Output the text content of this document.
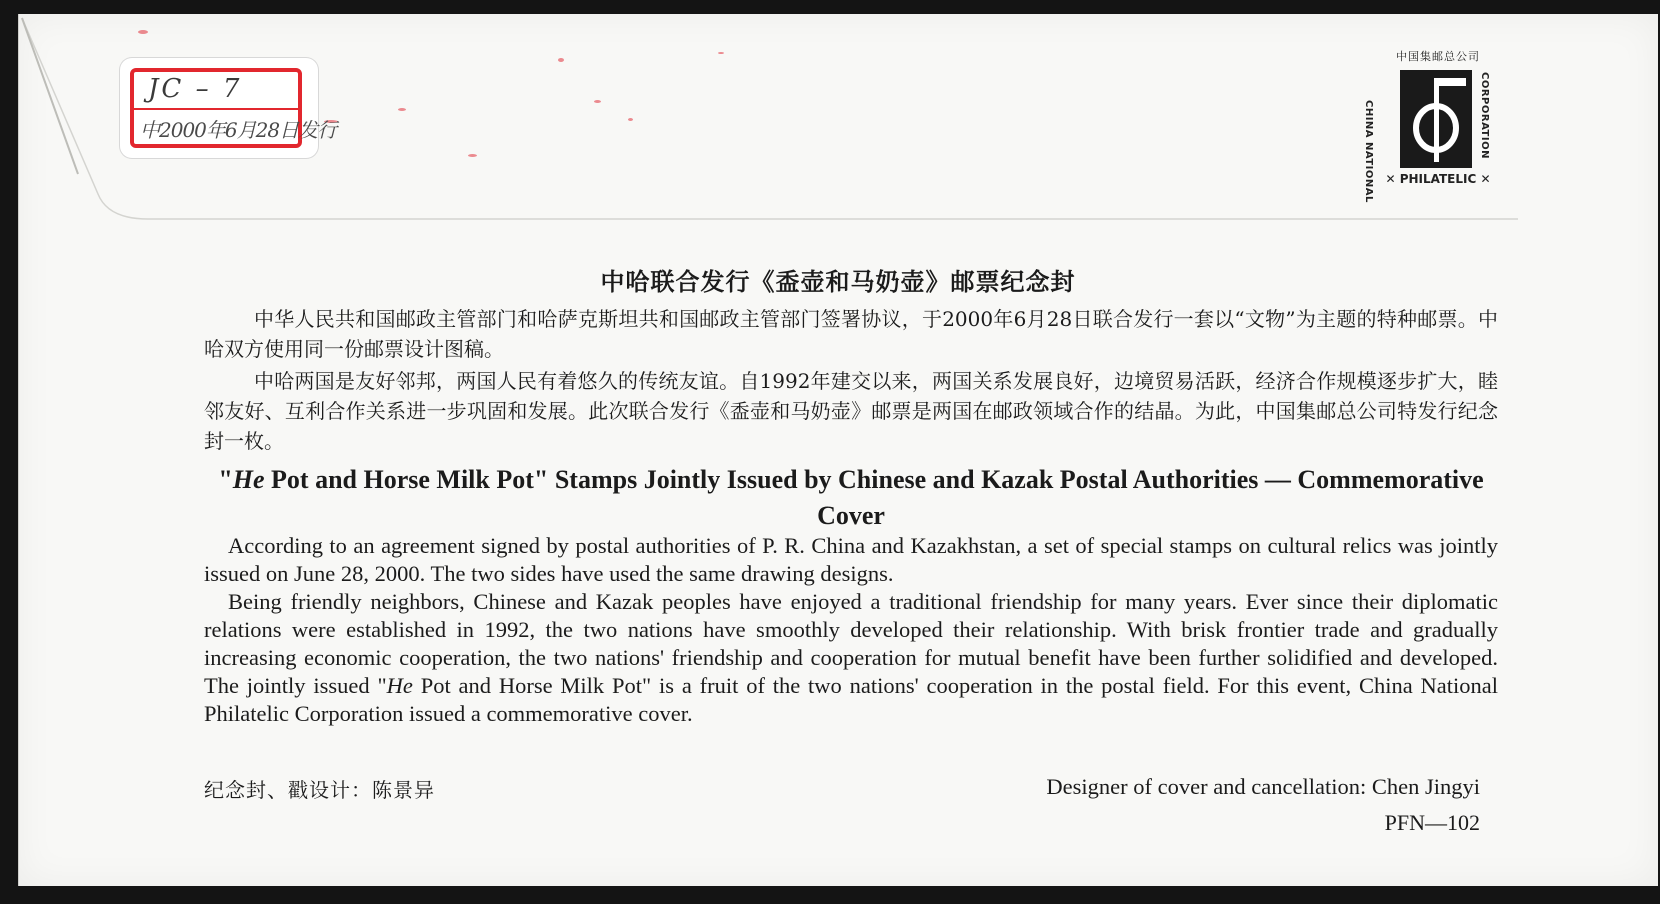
JC – 7
中2000年6月28日发行
中国集邮总公司
CHINA NATIONAL	CORPORATION
✕ PHILATELIC ✕
中哈联合发行《盉壶和马奶壶》邮票纪念封
中华人民共和国邮政主管部门和哈萨克斯坦共和国邮政主管部门签署协议，于2000年6月28日联合发行一套以“文物”为主题的特种邮票。中哈双方使用同一份邮票设计图稿。
中哈两国是友好邻邦，两国人民有着悠久的传统友谊。自1992年建交以来，两国关系发展良好，边境贸易活跃，经济合作规模逐步扩大，睦邻友好、互利合作关系进一步巩固和发展。此次联合发行《盉壶和马奶壶》邮票是两国在邮政领域合作的结晶。为此，中国集邮总公司特发行纪念封一枚。
"He Pot and Horse Milk Pot" Stamps Jointly Issued by Chinese and Kazak Postal Authorities — Commemorative Cover
According to an agreement signed by postal authorities of P. R. China and Kazakhstan, a set of special stamps on cultural relics was jointly issued on June 28, 2000. The two sides have used the same drawing designs.
Being friendly neighbors, Chinese and Kazak peoples have enjoyed a traditional friendship for many years. Ever since their diplomatic relations were established in 1992, the two nations have smoothly developed their relationship. With brisk frontier trade and gradually increasing economic cooperation, the two nations' friendship and cooperation for mutual benefit have been further solidified and developed. The jointly issued "He Pot and Horse Milk Pot" is a fruit of the two nations' cooperation in the postal field. For this event, China National Philatelic Corporation issued a commemorative cover.
纪念封、戳设计：陈景异	Designer of cover and cancellation: Chen Jingyi
PFN—102
